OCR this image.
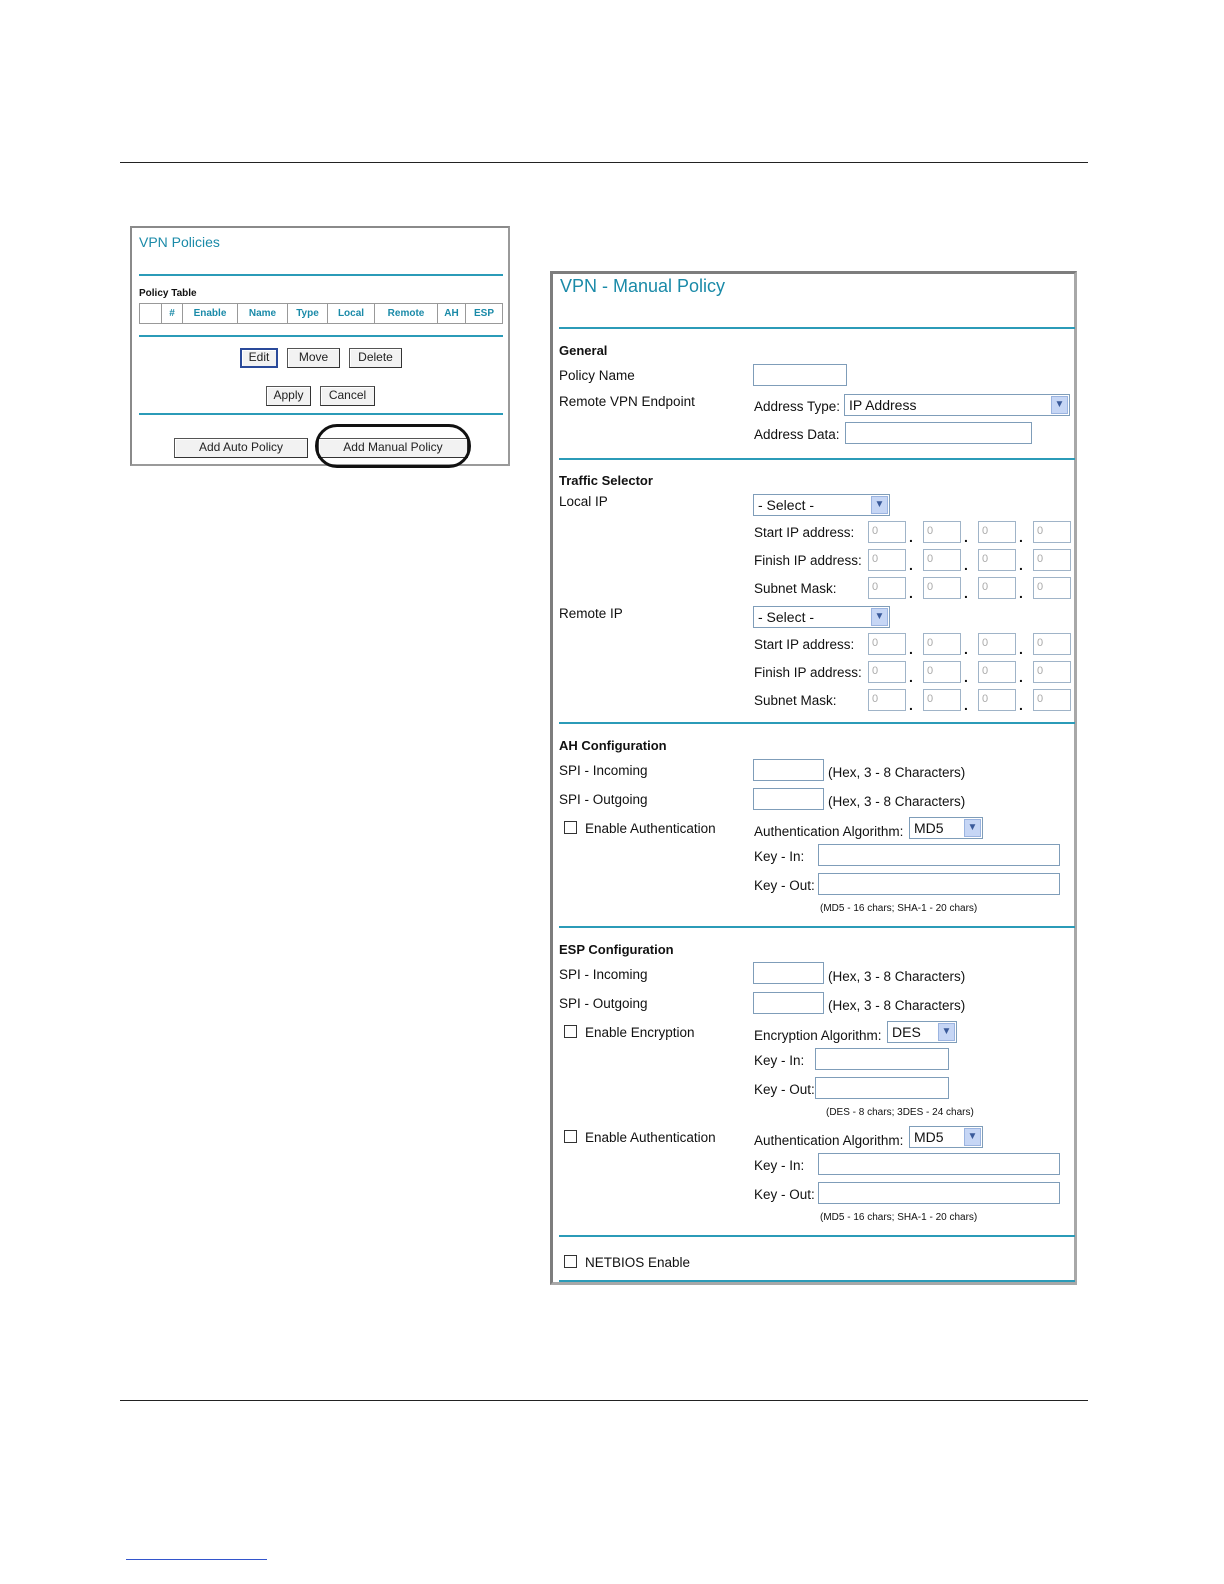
VPN Policies
Policy Table
	#	Enable	Name	Type	Local	Remote	AH	ESP
Edit	Move	Delete
Apply	Cancel
Add Auto Policy	Add Manual Policy
VPN - Manual Policy
General
Policy Name
Remote VPN Endpoint	Address Type: IP Address	▼
Address Data:
Traffic Selector
Local IP	- Select -	▼
Start IP address:	0	.	0	.	0	.	0
Finish IP address: 0	.	0	.	0	.	0
Subnet Mask:	0	.	0	.	0	.	0
Remote IP	- Select -	▼
Start IP address:	0	.	0	.	0	.	0
Finish IP address: 0	.	0	.	0	.	0
Subnet Mask:	0	.	0	.	0	.	0
AH Configuration
SPI - Incoming	(Hex, 3 - 8 Characters)
SPI - Outgoing	(Hex, 3 - 8 Characters)
Enable Authentication	Authentication Algorithm: MD5	▼
Key - In:
Key - Out:
(MD5 - 16 chars; SHA-1 - 20 chars)
ESP Configuration
SPI - Incoming	(Hex, 3 - 8 Characters)
SPI - Outgoing	(Hex, 3 - 8 Characters)
Enable Encryption	Encryption Algorithm: DES	▼
Key - In:
Key - Out:
(DES - 8 chars; 3DES - 24 chars)
Enable Authentication	Authentication Algorithm: MD5	▼
Key - In:
Key - Out:
(MD5 - 16 chars; SHA-1 - 20 chars)
NETBIOS Enable
